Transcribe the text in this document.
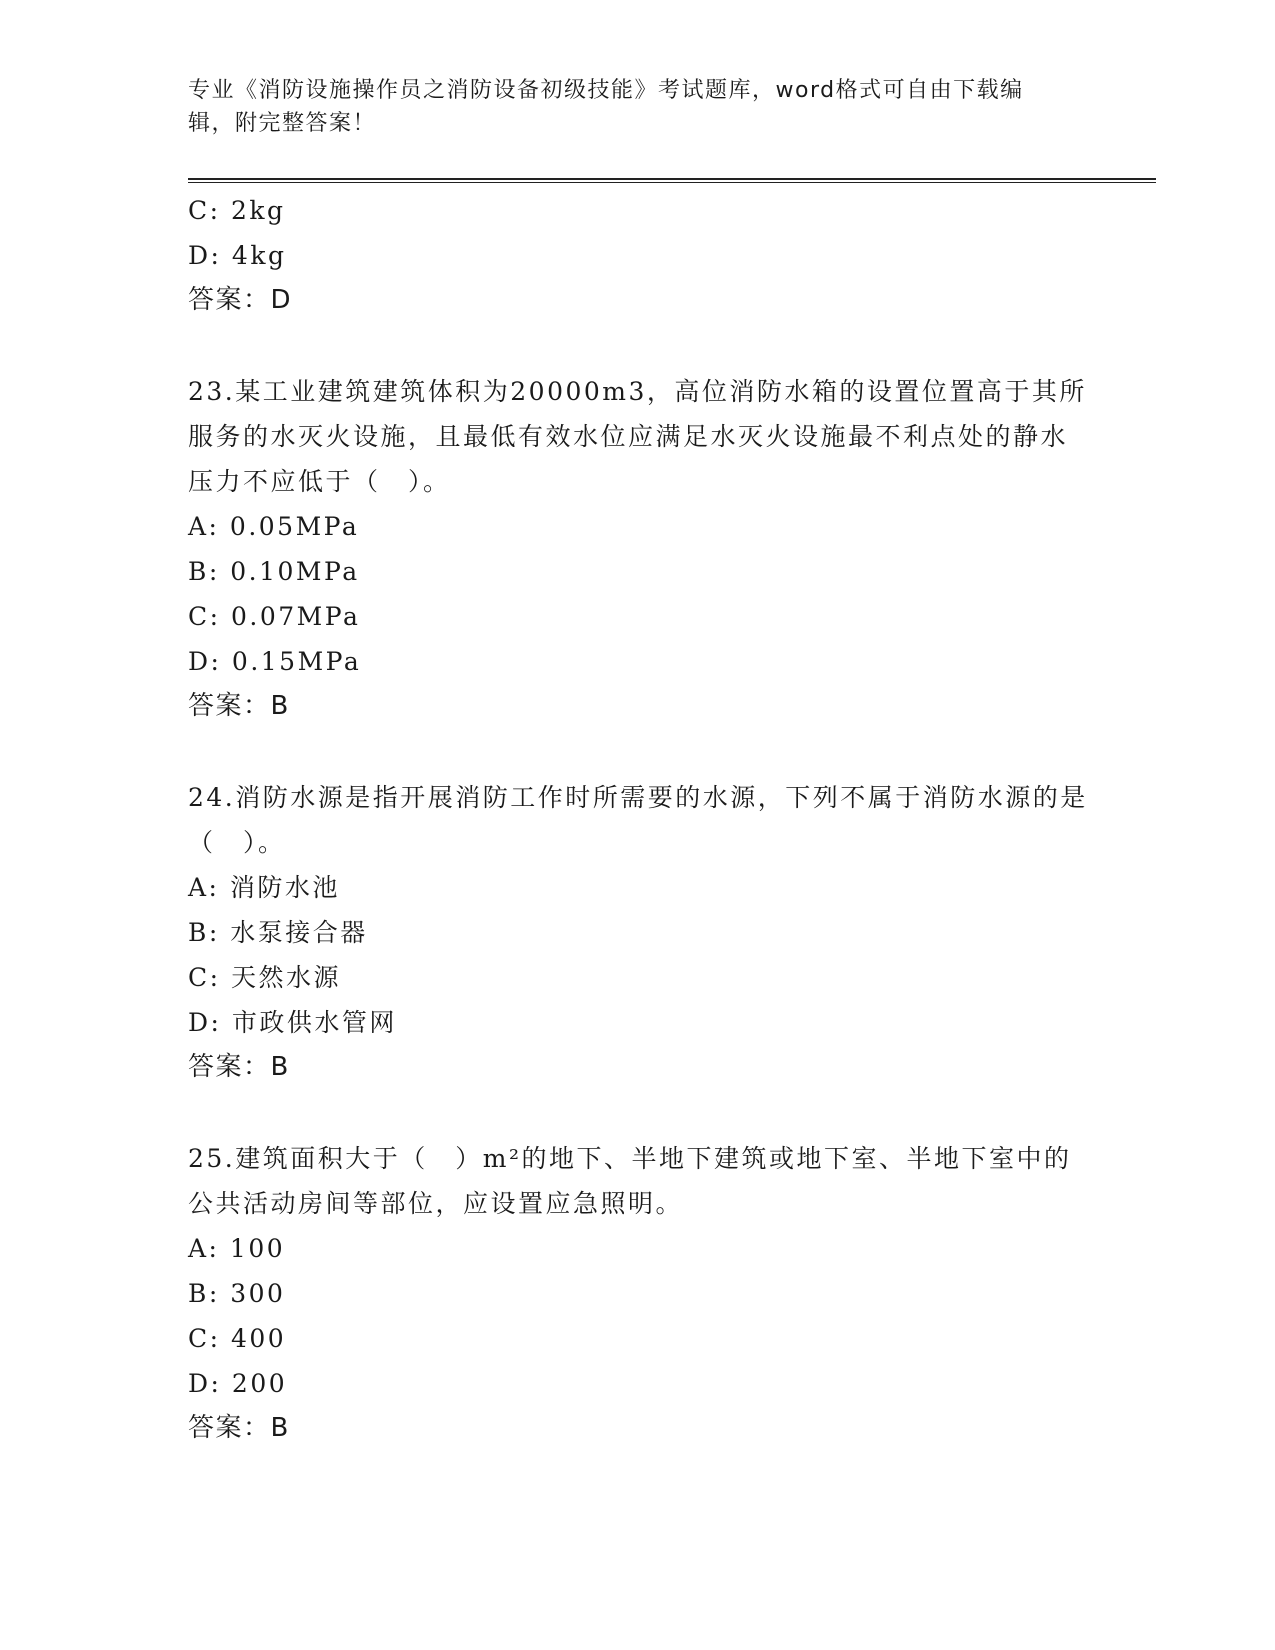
专业《消防设施操作员之消防设备初级技能》考试题库，word格式可自由下载编辑，附完整答案！
C: 2kg
D: 4kg
答案：D
23.某工业建筑建筑体积为20000m3，高位消防水箱的设置位置高于其所服务的水灭火设施，且最低有效水位应满足水灭火设施最不利点处的静水压力不应低于（　）。
A: 0.05MPa
B: 0.10MPa
C: 0.07MPa
D: 0.15MPa
答案：B
24.消防水源是指开展消防工作时所需要的水源，下列不属于消防水源的是（　）。
A: 消防水池
B: 水泵接合器
C: 天然水源
D: 市政供水管网
答案：B
25.建筑面积大于（　）m²的地下、半地下建筑或地下室、半地下室中的公共活动房间等部位，应设置应急照明。
A: 100
B: 300
C: 400
D: 200
答案：B
